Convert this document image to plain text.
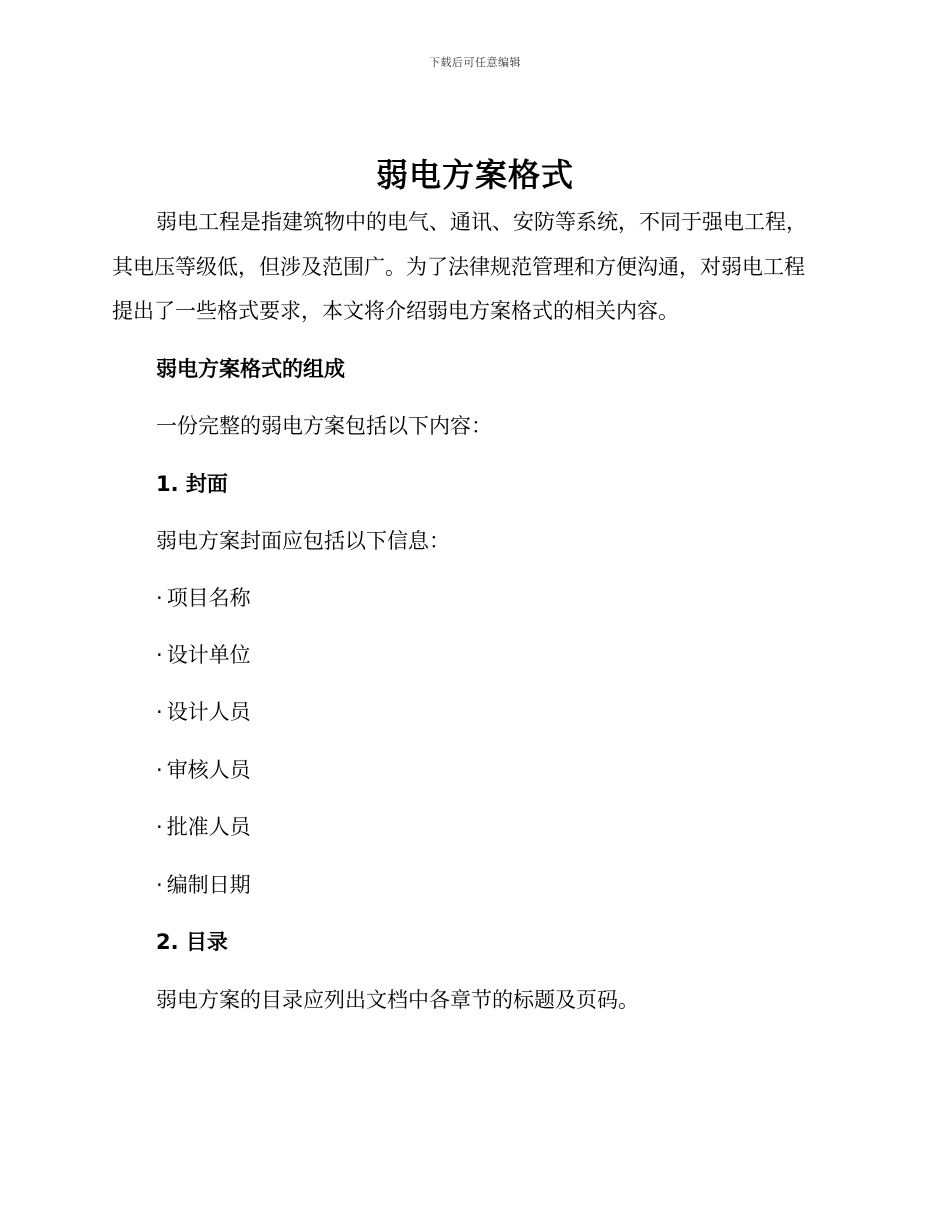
下载后可任意编辑
弱电方案格式

弱电工程是指建筑物中的电气、通讯、安防等系统，不同于强电工程，

其电压等级低，但涉及范围广。为了法律规范管理和方便沟通，对弱电工程

提出了一些格式要求，本文将介绍弱电方案格式的相关内容。

弱电方案格式的组成

一份完整的弱电方案包括以下内容：

1. 封面

弱电方案封面应包括以下信息：

· 项目名称
· 设计单位
· 设计人员
· 审核人员
· 批准人员
· 编制日期
2. 目录

弱电方案的目录应列出文档中各章节的标题及页码。
